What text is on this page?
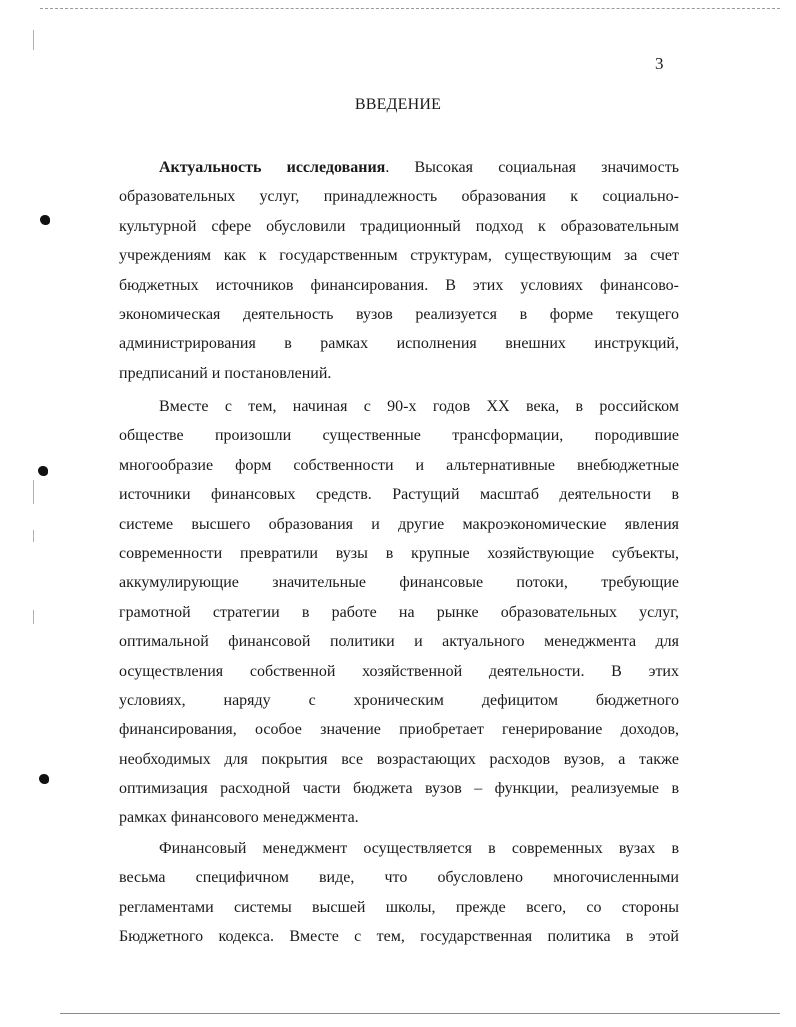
3
ВВЕДЕНИЕ
Актуальность исследования. Высокая социальная значимость
образовательных услуг, принадлежность образования к социально-
культурной сфере обусловили традиционный подход к образовательным
учреждениям как к государственным структурам, существующим за счет
бюджетных источников финансирования. В этих условиях финансово-
экономическая деятельность вузов реализуется в форме текущего
администрирования в рамках исполнения внешних инструкций,
предписаний и постановлений.
Вместе с тем, начиная с 90-х годов XX века, в российском
обществе произошли существенные трансформации, породившие
многообразие форм собственности и альтернативные внебюджетные
источники финансовых средств. Растущий масштаб деятельности в
системе высшего образования и другие макроэкономические явления
современности превратили вузы в крупные хозяйствующие субъекты,
аккумулирующие значительные финансовые потоки, требующие
грамотной стратегии в работе на рынке образовательных услуг,
оптимальной финансовой политики и актуального менеджмента для
осуществления собственной хозяйственной деятельности. В этих
условиях, наряду с хроническим дефицитом бюджетного
финансирования, особое значение приобретает генерирование доходов,
необходимых для покрытия все возрастающих расходов вузов, а также
оптимизация расходной части бюджета вузов – функции, реализуемые в
рамках финансового менеджмента.
Финансовый менеджмент осуществляется в современных вузах в
весьма специфичном виде, что обусловлено многочисленными
регламентами системы высшей школы, прежде всего, со стороны
Бюджетного кодекса. Вместе с тем, государственная политика в этой
